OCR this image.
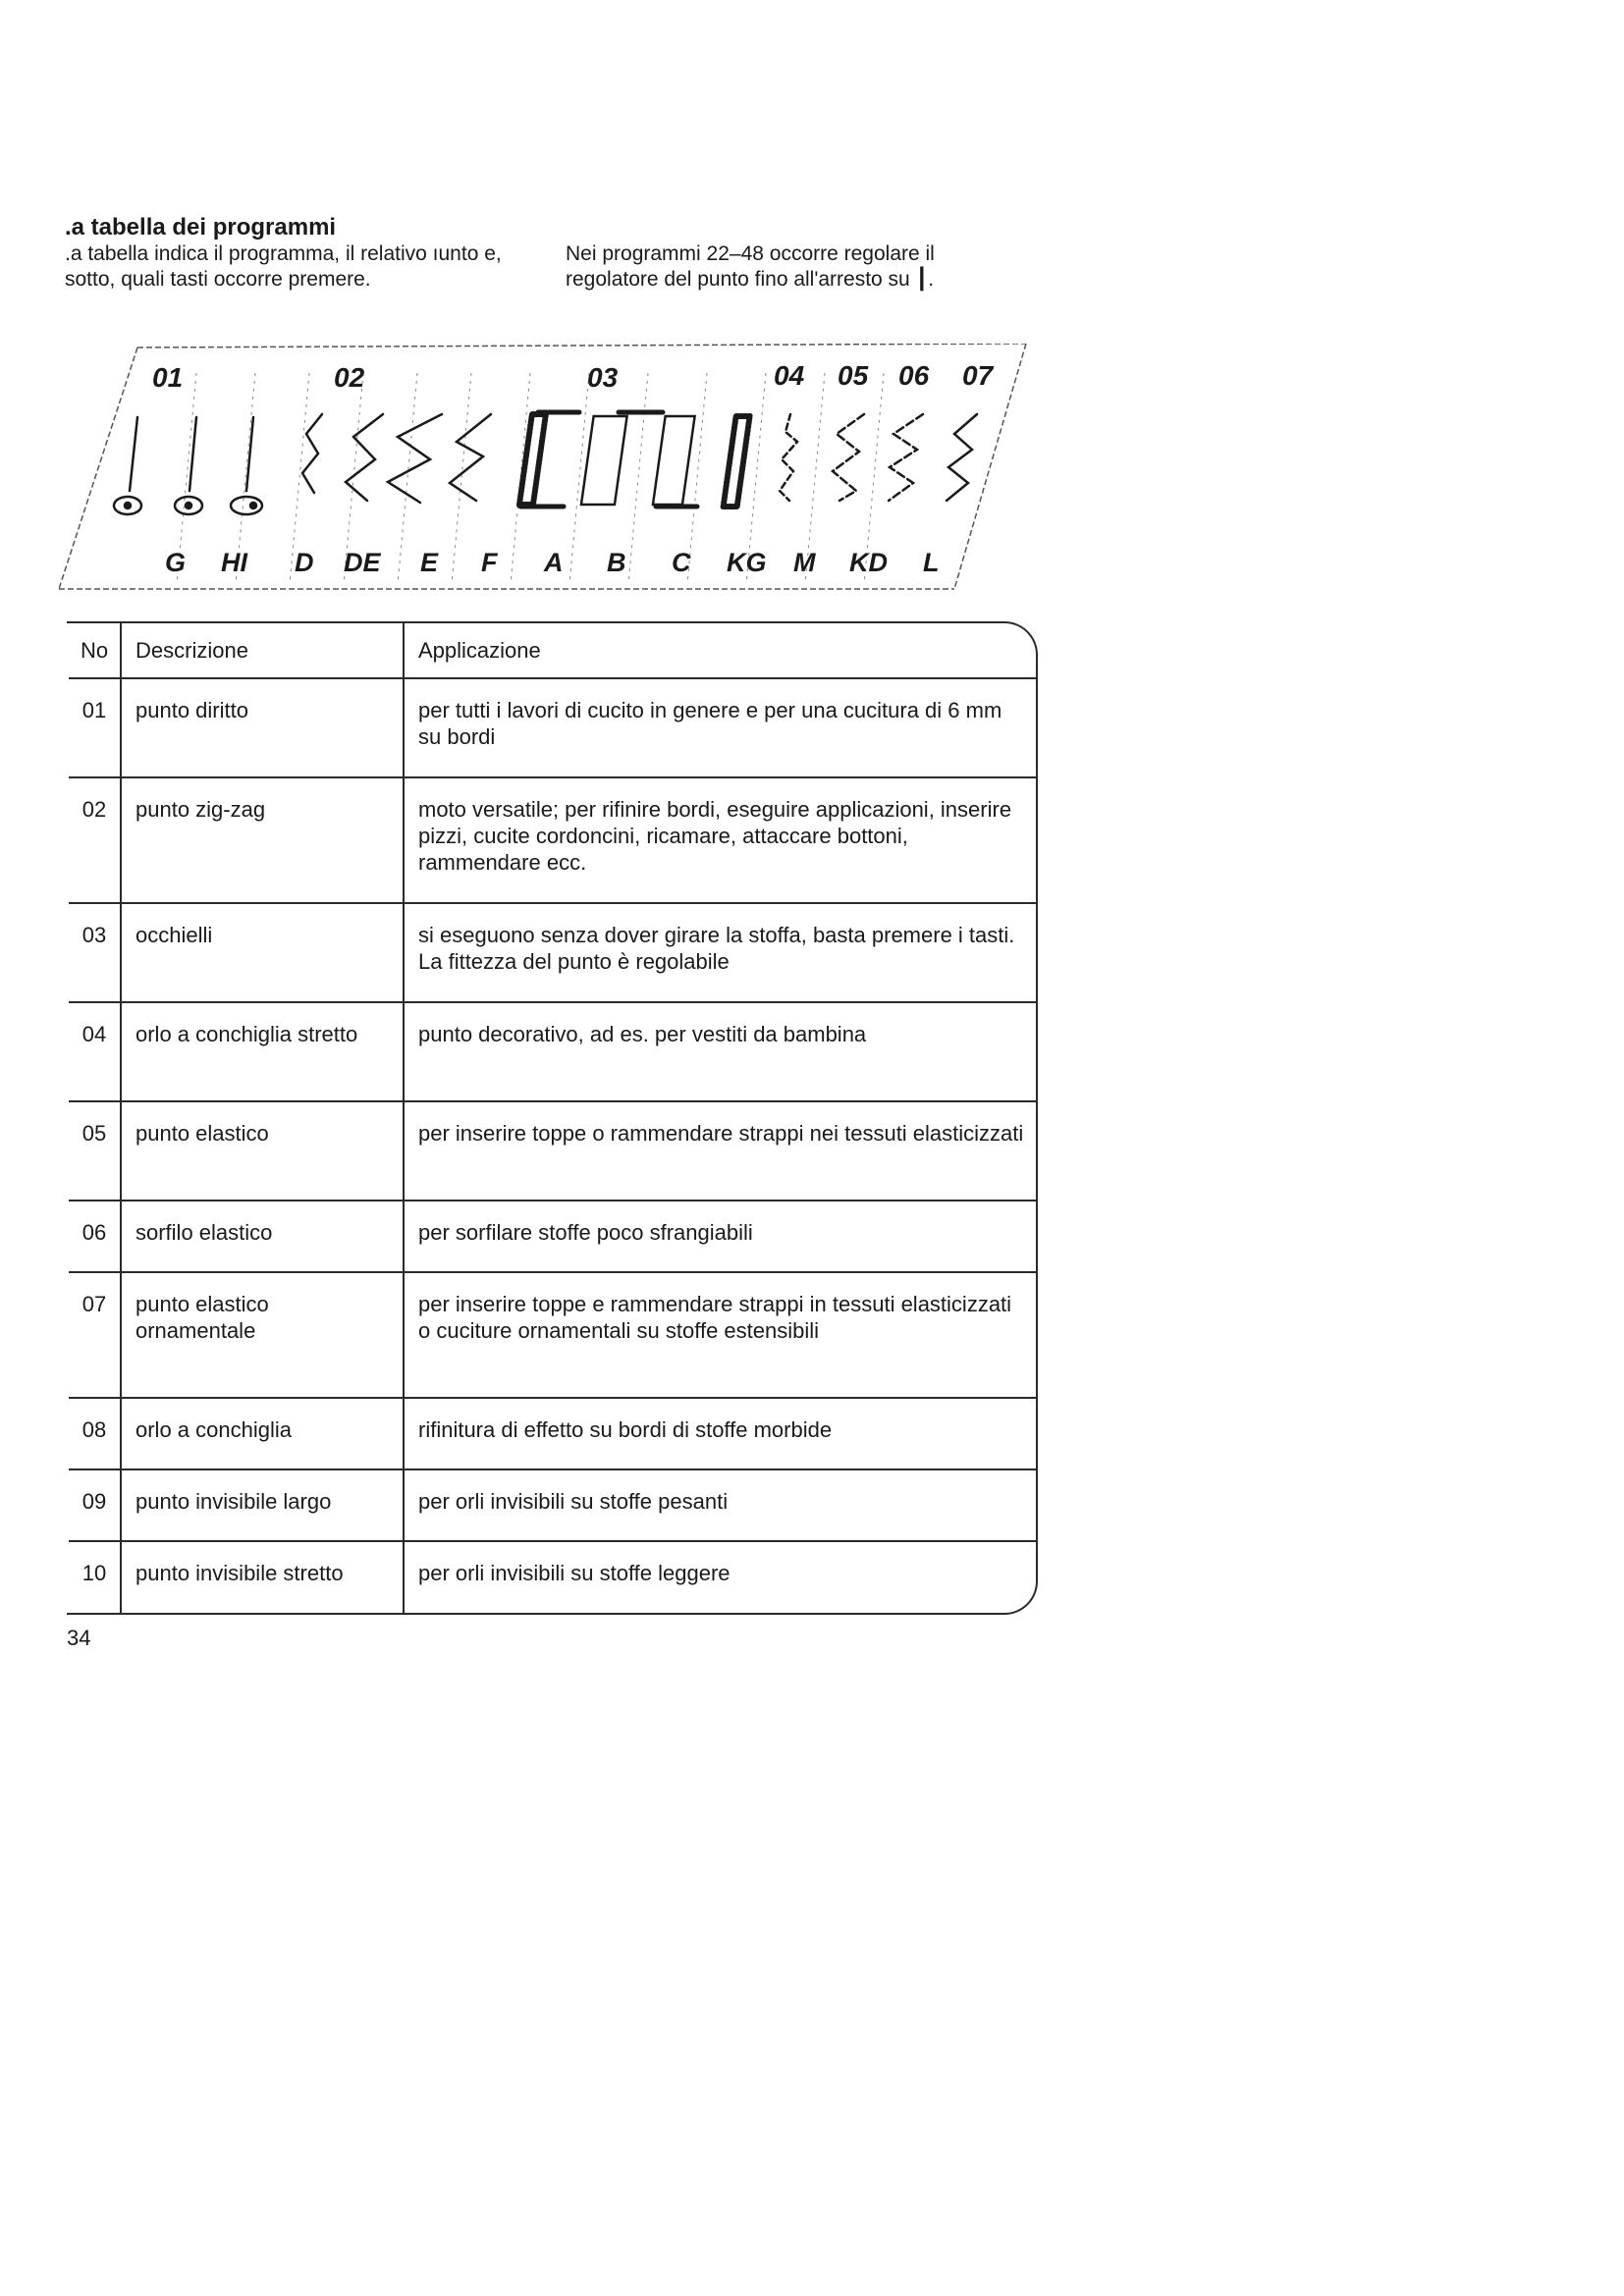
.a tabella dei programmi

.a tabella indica il programma, il relativo ıunto e, sotto, quali tasti occorre premere.

Nei programmi 22–48 occorre regolare il regolatore del punto fino all'arresto su ┃.

01	02	03	04 05 06 07
G HI D DE E F A B C KG M KD L
No	Descrizione	Applicazione
01	punto diritto	per tutti i lavori di cucito in genere e per una cucitura di 6 mm su bordi
02	punto zig-zag	moto versatile; per rifinire bordi, eseguire applicazioni, inserire pizzi, cucite cordoncini, ricamare, attaccare bottoni, rammendare ecc.
03	occhielli	si eseguono senza dover girare la stoffa, basta premere i tasti. La fittezza del punto è regolabile
04	orlo a conchiglia stretto	punto decorativo, ad es. per vestiti da bambina
05	punto elastico	per inserire toppe o rammendare strappi nei tessuti elasticizzati
06	sorfilo elastico	per sorfilare stoffe poco sfrangiabili
07	punto elastico ornamentale	per inserire toppe e rammendare strappi in tessuti elasticizzati o cuciture ornamentali su stoffe estensibili
08	orlo a conchiglia	rifinitura di effetto su bordi di stoffe morbide
09	punto invisibile largo	per orli invisibili su stoffe pesanti
10	punto invisibile stretto	per orli invisibili su stoffe leggere
34
